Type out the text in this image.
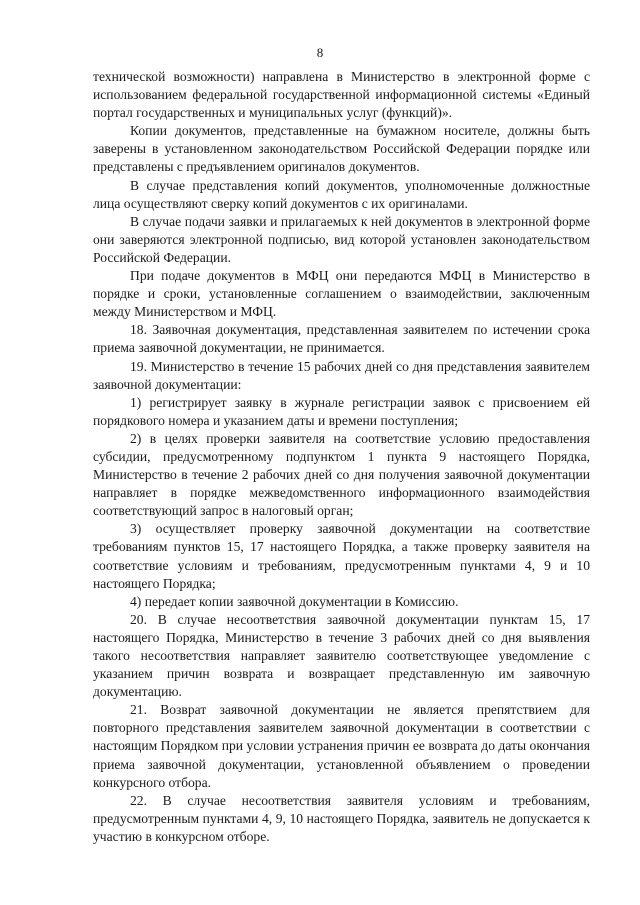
8

технической возможности) направлена в Министерство в электронной форме с использованием федеральной государственной информационной системы «Единый портал государственных и муниципальных услуг (функций)».

Копии документов, представленные на бумажном носителе, должны быть заверены в установленном законодательством Российской Федерации порядке или представлены с предъявлением оригиналов документов.

В случае представления копий документов, уполномоченные должностные лица осуществляют сверку копий документов с их оригиналами.

В случае подачи заявки и прилагаемых к ней документов в электронной форме они заверяются электронной подписью, вид которой установлен законодательством Российской Федерации.

При подаче документов в МФЦ они передаются МФЦ в Министерство в порядке и сроки, установленные соглашением о взаимодействии, заключенным между Министерством и МФЦ.

18. Заявочная документация, представленная заявителем по истечении срока приема заявочной документации, не принимается.

19. Министерство в течение 15 рабочих дней со дня представления заявителем заявочной документации:

1) регистрирует заявку в журнале регистрации заявок с присвоением ей порядкового номера и указанием даты и времени поступления;

2) в целях проверки заявителя на соответствие условию предоставления субсидии, предусмотренному подпунктом 1 пункта 9 настоящего Порядка, Министерство в течение 2 рабочих дней со дня получения заявочной документации направляет в порядке межведомственного информационного взаимодействия соответствующий запрос в налоговый орган;

3) осуществляет проверку заявочной документации на соответствие требованиям пунктов 15, 17 настоящего Порядка, а также проверку заявителя на соответствие условиям и требованиям, предусмотренным пунктами 4, 9 и 10 настоящего Порядка;

4) передает копии заявочной документации в Комиссию.

20. В случае несоответствия заявочной документации пунктам 15, 17 настоящего Порядка, Министерство в течение 3 рабочих дней со дня выявления такого несоответствия направляет заявителю соответствующее уведомление с указанием причин возврата и возвращает представленную им заявочную документацию.

21. Возврат заявочной документации не является препятствием для повторного представления заявителем заявочной документации в соответствии с настоящим Порядком при условии устранения причин ее возврата до даты окончания приема заявочной документации, установленной объявлением о проведении конкурсного отбора.

22. В случае несоответствия заявителя условиям и требованиям, предусмотренным пунктами 4, 9, 10 настоящего Порядка, заявитель не допускается к участию в конкурсном отборе.
